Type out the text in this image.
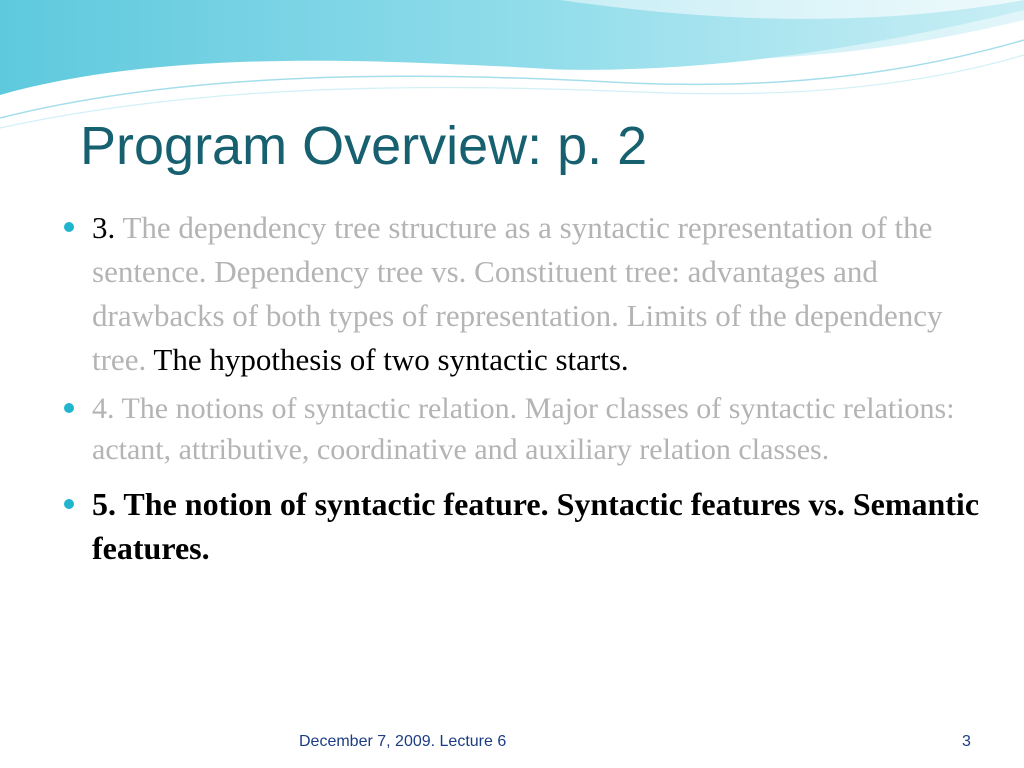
Program Overview: p. 2
3. The dependency tree structure as a syntactic representation of the sentence. Dependency tree vs. Constituent tree: advantages and drawbacks of both types of representation. Limits of the dependency tree. The hypothesis of two syntactic starts.
4. The notions of syntactic relation. Major classes of syntactic relations: actant, attributive, coordinative and auxiliary relation classes.
5. The notion of syntactic feature. Syntactic features vs. Semantic features.
December 7, 2009. Lecture 6	3
